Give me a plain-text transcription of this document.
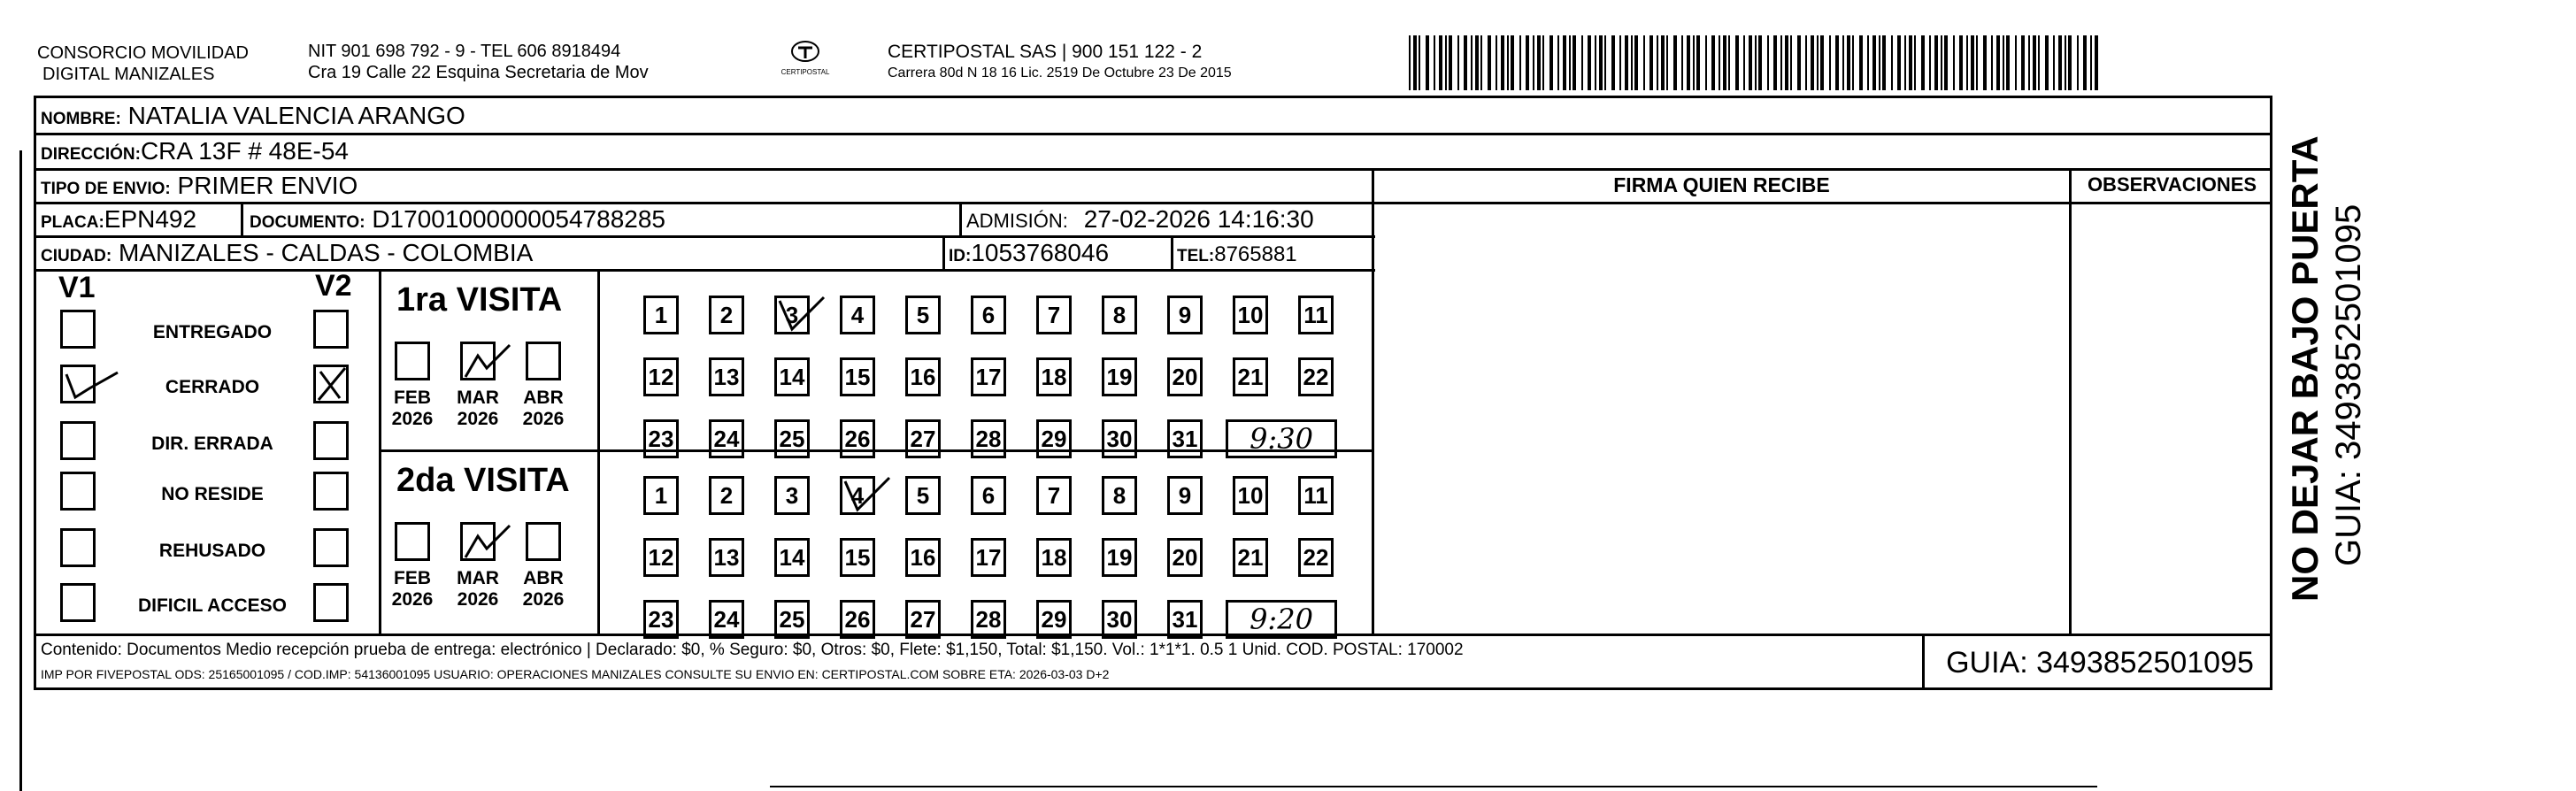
CONSORCIO MOVILIDAD
DIGITAL MANIZALES
NIT 901 698 792 - 9 - TEL 606 8918494
Cra 19 Calle 22 Esquina Secretaria de Mov	CERTIPOSTAL
CERTIPOSTAL SAS | 900 151 122 - 2
Carrera 80d N 18 16 Lic. 2519 De Octubre 23 De 2015
NOMBRE: NATALIA VALENCIA ARANGO
DIRECCIÓN:CRA 13F # 48E-54
TIPO DE ENVIO: PRIMER ENVIO
PLACA:EPN492	DOCUMENTO: D17001000000054788285	ADMISIÓN: 27-02-2026 14:16:30
CIUDAD: MANIZALES - CALDAS - COLOMBIA	ID:1053768046	TEL:8765881
FIRMA QUIEN RECIBE	OBSERVACIONES
V1	V2
ENTREGADO
CERRADO
DIR. ERRADA
NO RESIDE
REHUSADO
DIFICIL ACCESO
1ra VISITA
FEB
2026
MAR
2026
ABR
2026
1	2	3	4	5	6	7	8	9	10 11
12 13 14 15 16 17 18 19 20 21 22
23 24 25 26 27 28 29 30 31	9:30
2da VISITA
FEB
2026
MAR
2026
ABR
2026
1	2	3	4	5	6	7	8	9	10 11
12 13 14 15 16 17 18 19 20 21 22
23 24 25 26 27 28 29 30 31	9:20
Contenido: Documentos Medio recepción prueba de entrega: electrónico | Declarado: $0, % Seguro: $0, Otros: $0, Flete: $1,150, Total: $1,150. Vol.: 1*1*1. 0.5 1 Unid. COD. POSTAL: 170002
IMP POR FIVEPOSTAL ODS: 25165001095 / COD.IMP: 54136001095 USUARIO: OPERACIONES MANIZALES CONSULTE SU ENVIO EN: CERTIPOSTAL.COM SOBRE ETA: 2026-03-03 D+2	GUIA: 3493852501095
NO DEJAR BAJO PUERTA GUIA: 3493852501095
